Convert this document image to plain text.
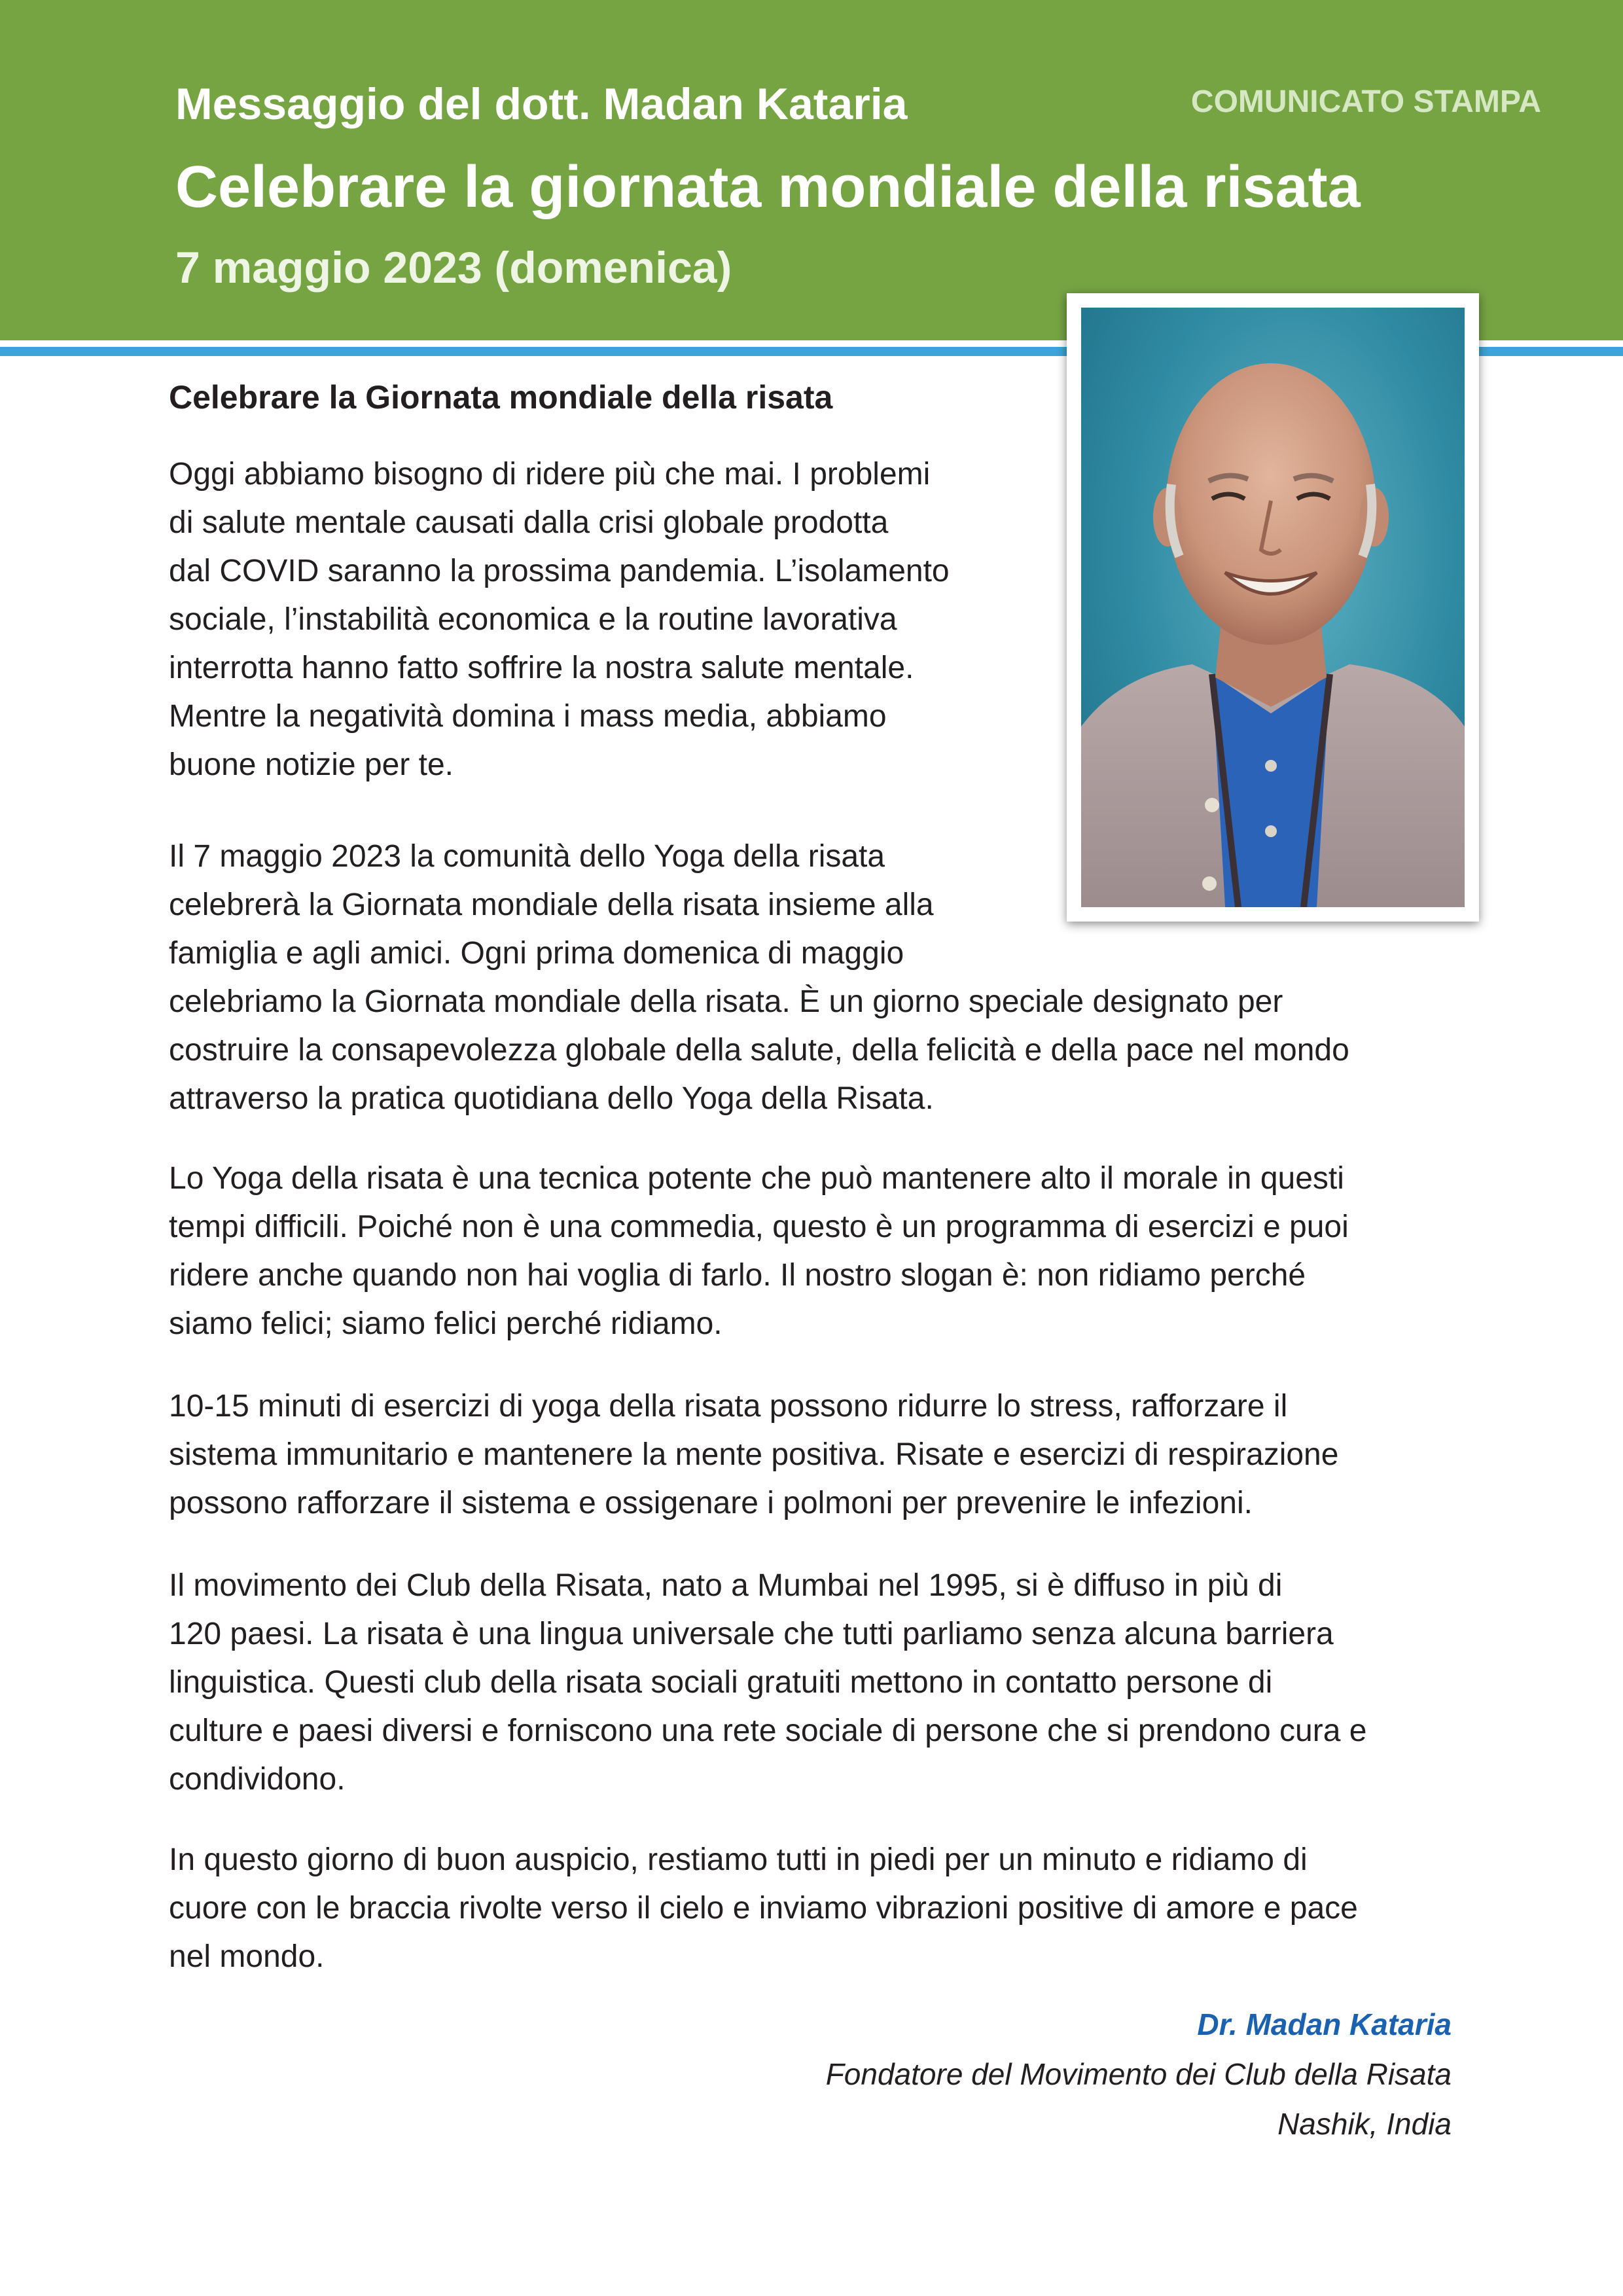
Messaggio del dott. Madan Kataria
Celebrare la giornata mondiale della risata
7 maggio 2023 (domenica)
COMUNICATO STAMPA
Celebrare la Giornata mondiale della risata
Oggi abbiamo bisogno di ridere più che mai. I problemi
di salute mentale causati dalla crisi globale prodotta
dal COVID saranno la prossima pandemia. L’isolamento
sociale, l’instabilità economica e la routine lavorativa
interrotta hanno fatto soffrire la nostra salute mentale.
Mentre la negatività domina i mass media, abbiamo
buone notizie per te.
Il 7 maggio 2023 la comunità dello Yoga della risata
celebrerà la Giornata mondiale della risata insieme alla
famiglia e agli amici. Ogni prima domenica di maggio
celebriamo la Giornata mondiale della risata. È un giorno speciale designato per
costruire la consapevolezza globale della salute, della felicità e della pace nel mondo
attraverso la pratica quotidiana dello Yoga della Risata.
Lo Yoga della risata è una tecnica potente che può mantenere alto il morale in questi
tempi difficili. Poiché non è una commedia, questo è un programma di esercizi e puoi
ridere anche quando non hai voglia di farlo. Il nostro slogan è: non ridiamo perché
siamo felici; siamo felici perché ridiamo.
10-15 minuti di esercizi di yoga della risata possono ridurre lo stress, rafforzare il
sistema immunitario e mantenere la mente positiva. Risate e esercizi di respirazione
possono rafforzare il sistema e ossigenare i polmoni per prevenire le infezioni.
Il movimento dei Club della Risata, nato a Mumbai nel 1995, si è diffuso in più di
120 paesi. La risata è una lingua universale che tutti parliamo senza alcuna barriera
linguistica. Questi club della risata sociali gratuiti mettono in contatto persone di
culture e paesi diversi e forniscono una rete sociale di persone che si prendono cura e
condividono.
In questo giorno di buon auspicio, restiamo tutti in piedi per un minuto e ridiamo di
cuore con le braccia rivolte verso il cielo e inviamo vibrazioni positive di amore e pace
nel mondo.
Dr. Madan Kataria
Fondatore del Movimento dei Club della Risata
Nashik, India
